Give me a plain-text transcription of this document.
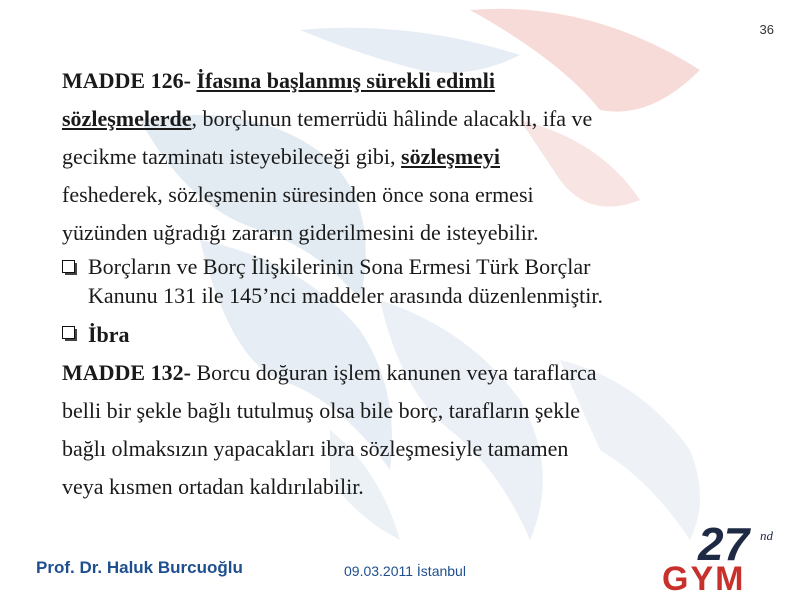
36
MADDE 126- İfasına başlanmış sürekli edimli
sözleşmelerde, borçlunun temerrüdü hâlinde alacaklı, ifa ve
gecikme tazminatı isteyebileceği gibi, sözleşmeyi
feshederek, sözleşmenin süresinden önce sona ermesi
yüzünden uğradığı zararın giderilmesini de isteyebilir.
Borçların ve Borç İlişkilerinin Sona Ermesi Türk Borçlar
Kanunu 131 ile 145’nci maddeler arasında düzenlenmiştir.
İbra
MADDE 132- Borcu doğuran işlem kanunen veya taraflarca
belli bir şekle bağlı tutulmuş olsa bile borç, tarafların şekle
bağlı olmaksızın yapacakları ibra sözleşmesiyle tamamen
veya kısmen ortadan kaldırılabilir.
Prof. Dr. Haluk Burcuoğlu	09.03.2011 İstanbul
27 nd
GYM
